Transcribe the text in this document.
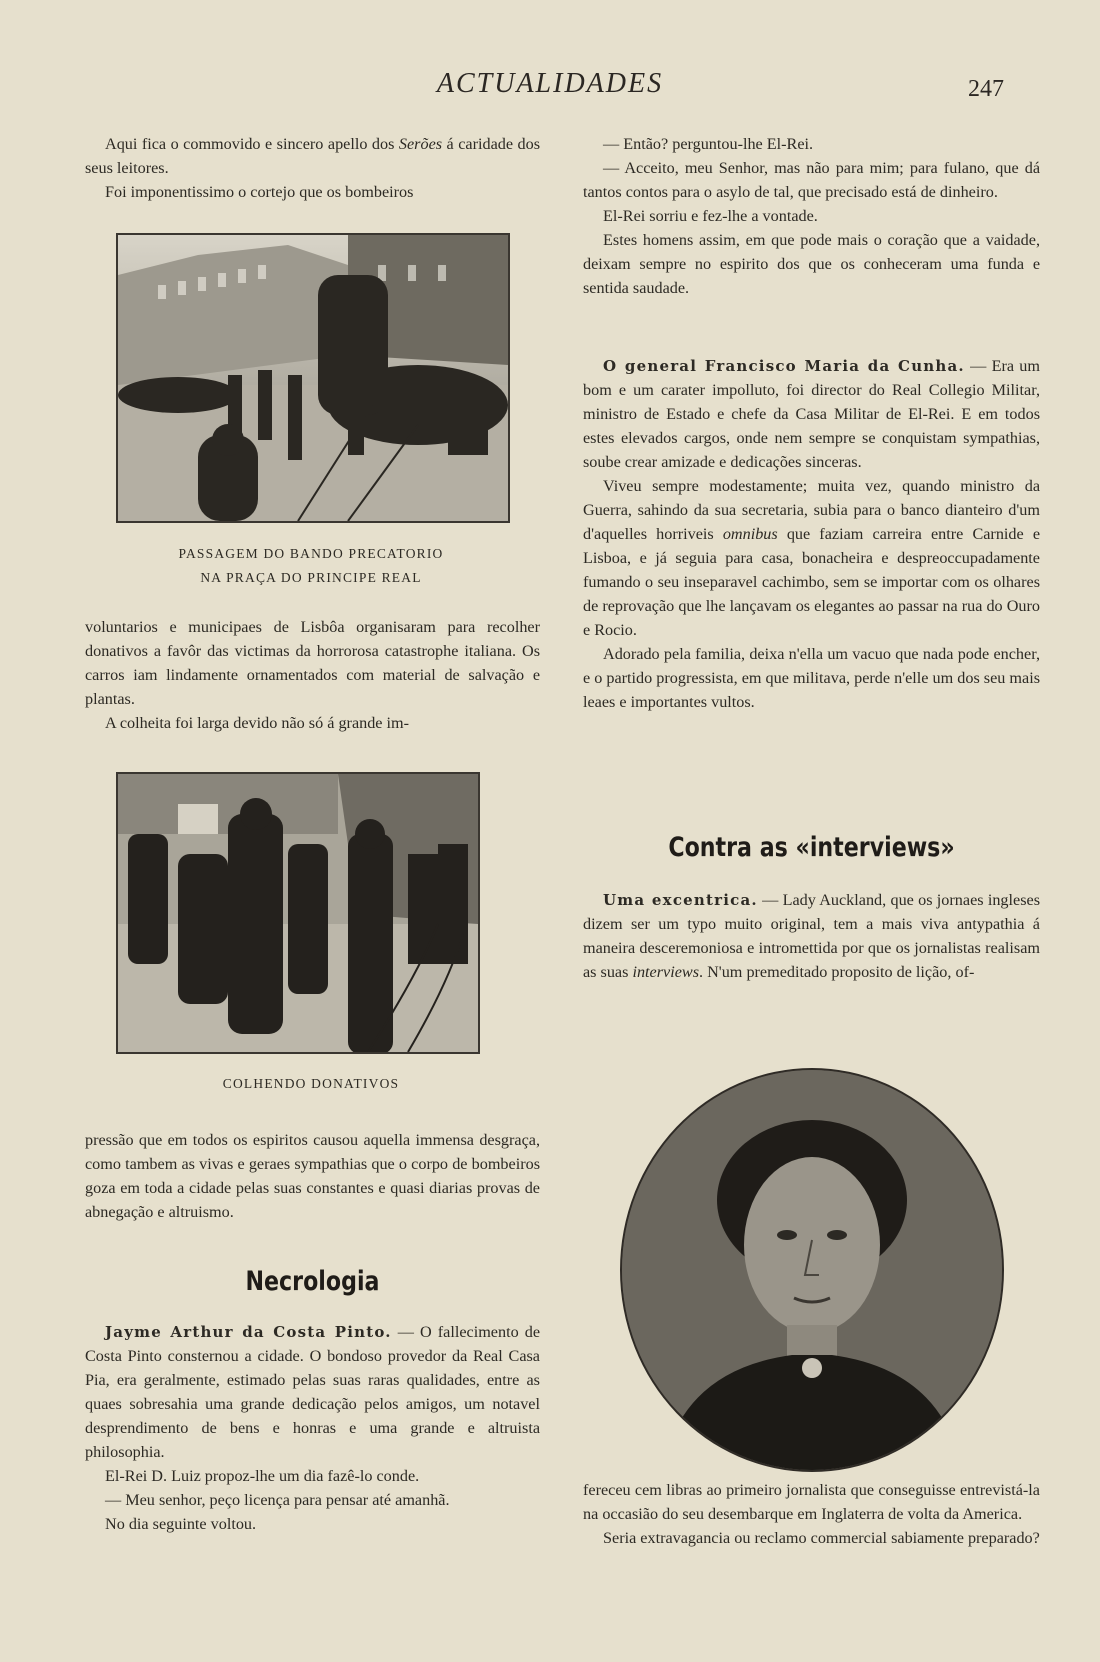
ACTUALIDADES	247

Aqui fica o commovido e sincero apello dos Serões á caridade dos seus leitores.

Foi imponentissimo o cortejo que os bombeiros

PASSAGEM DO BANDO PRECATORIO
NA PRAÇA DO PRINCIPE REAL

voluntarios e municipaes de Lisbôa organisaram para recolher donativos a favôr das victimas da horrorosa catastrophe italiana. Os carros iam lindamente ornamentados com material de salvação e plantas.

A colheita foi larga devido não só á grande im-

COLHENDO DONATIVOS

pressão que em todos os espiritos causou aquella immensa desgraça, como tambem as vivas e geraes sympathias que o corpo de bombeiros goza em toda a cidade pelas suas constantes e quasi diarias provas de abnegação e altruismo.

Necrologia

Jayme Arthur da Costa Pinto. — O fallecimento de Costa Pinto consternou a cidade. O bondoso provedor da Real Casa Pia, era geralmente, estimado pelas suas raras qualidades, entre as quaes sobresahia uma grande dedicação pelos amigos, um notavel desprendimento de bens e honras e uma grande e altruista philosophia.

El-Rei D. Luiz propoz-lhe um dia fazê-lo conde.

— Meu senhor, peço licença para pensar até amanhã.

No dia seguinte voltou.

— Então? perguntou-lhe El-Rei.

— Acceito, meu Senhor, mas não para mim; para fulano, que dá tantos contos para o asylo de tal, que precisado está de dinheiro.

El-Rei sorriu e fez-lhe a vontade.

Estes homens assim, em que pode mais o coração que a vaidade, deixam sempre no espirito dos que os conheceram uma funda e sentida saudade.

O general Francisco Maria da Cunha. — Era um bom e um carater impolluto, foi director do Real Collegio Militar, ministro de Estado e chefe da Casa Militar de El-Rei. E em todos estes elevados cargos, onde nem sempre se conquistam sympathias, soube crear amizade e dedicações sinceras.

Viveu sempre modestamente; muita vez, quando ministro da Guerra, sahindo da sua secretaria, subia para o banco dianteiro d'um d'aquelles horriveis omnibus que faziam carreira entre Carnide e Lisboa, e já seguia para casa, bonacheira e despreoccupadamente fumando o seu inseparavel cachimbo, sem se importar com os olhares de reprovação que lhe lançavam os elegantes ao passar na rua do Ouro e Rocio.

Adorado pela familia, deixa n'ella um vacuo que nada pode encher, e o partido progressista, em que militava, perde n'elle um dos seu mais leaes e importantes vultos.

Contra as «interviews»

Uma excentrica. — Lady Auckland, que os jornaes ingleses dizem ser um typo muito original, tem a mais viva antypathia á maneira desceremoniosa e intromettida por que os jornalistas realisam as suas interviews. N'um premeditado proposito de lição, of-

fereceu cem libras ao primeiro jornalista que conseguisse entrevistá-la na occasião do seu desembarque em Inglaterra de volta da America.

Seria extravagancia ou reclamo commercial sabiamente preparado?
